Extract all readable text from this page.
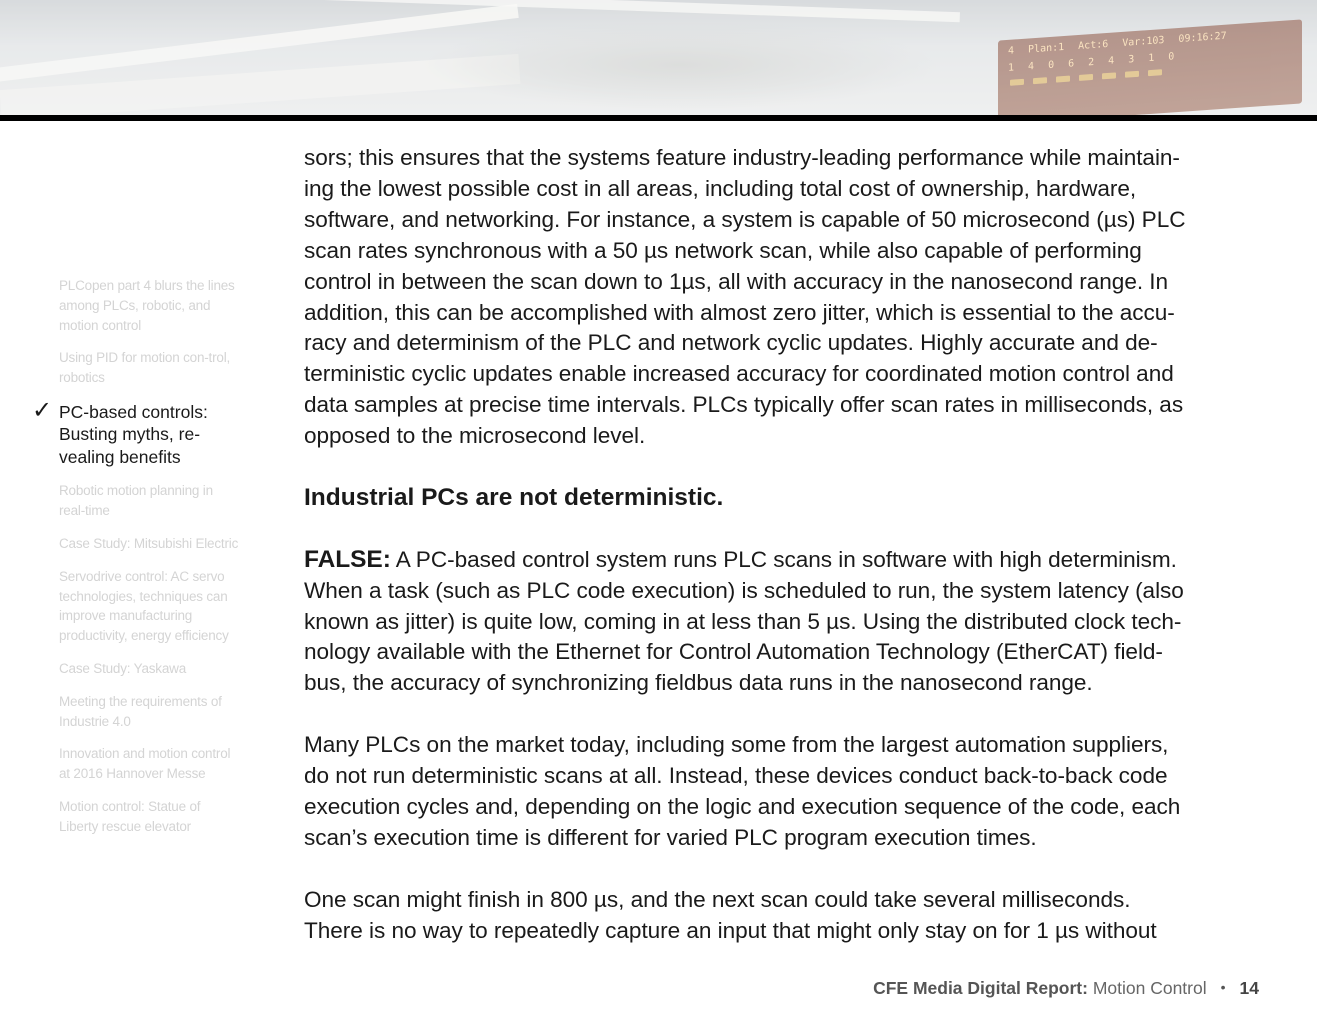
4 Plan:1 Act:6 Var:103 09:16:27
1 4 0 6 2 4 3 1 0
PLCopen part 4 blurs the lines among PLCs, robotic, and motion control
Using PID for motion con-trol, robotics
✓ PC-based controls: Busting myths, re-vealing benefits
Robotic motion planning in real-time
Case Study: Mitsubishi Electric
Servodrive control: AC servo technologies, techniques can improve manufacturing productivity, energy efficiency
Case Study: Yaskawa
Meeting the requirements of Industrie 4.0
Innovation and motion control at 2016 Hannover Messe
Motion control: Statue of Liberty rescue elevator
sors; this ensures that the systems feature industry-leading performance while maintain-
ing the lowest possible cost in all areas, including total cost of ownership, hardware,
software, and networking. For instance, a system is capable of 50 microsecond (µs) PLC
scan rates synchronous with a 50 µs network scan, while also capable of performing
control in between the scan down to 1µs, all with accuracy in the nanosecond range. In
addition, this can be accomplished with almost zero jitter, which is essential to the accu-
racy and determinism of the PLC and network cyclic updates. Highly accurate and de-
terministic cyclic updates enable increased accuracy for coordinated motion control and
data samples at precise time intervals. PLCs typically offer scan rates in milliseconds, as
opposed to the microsecond level.
Industrial PCs are not deterministic.
FALSE: A PC-based control system runs PLC scans in software with high determinism.
When a task (such as PLC code execution) is scheduled to run, the system latency (also
known as jitter) is quite low, coming in at less than 5 µs. Using the distributed clock tech-
nology available with the Ethernet for Control Automation Technology (EtherCAT) field-
bus, the accuracy of synchronizing fieldbus data runs in the nanosecond range.
Many PLCs on the market today, including some from the largest automation suppliers,
do not run deterministic scans at all. Instead, these devices conduct back-to-back code
execution cycles and, depending on the logic and execution sequence of the code, each
scan’s execution time is different for varied PLC program execution times.
One scan might finish in 800 µs, and the next scan could take several milliseconds.
There is no way to repeatedly capture an input that might only stay on for 1 µs without
CFE Media Digital Report: Motion Control • 14
